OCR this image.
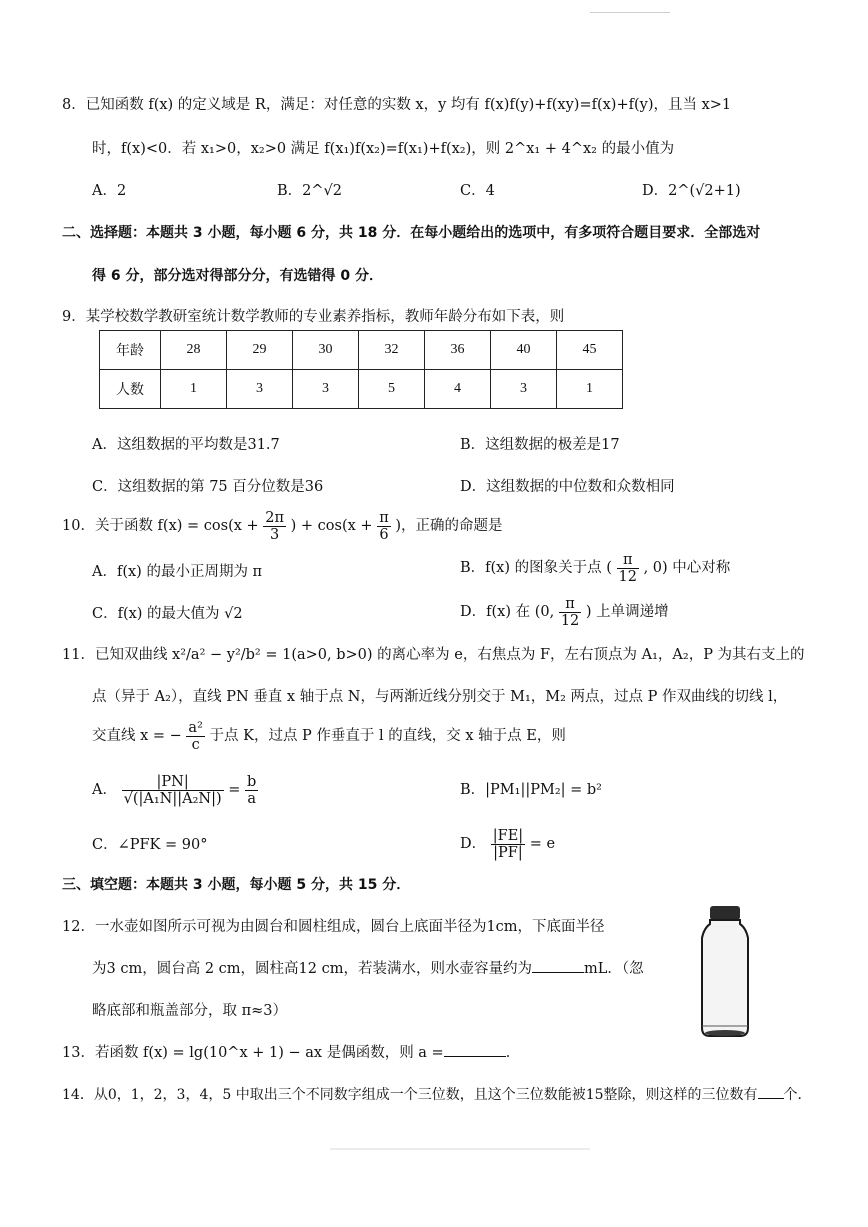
8．已知函数 f(x) 的定义域是 R，满足：对任意的实数 x，y 均有 f(x)f(y)+f(xy)=f(x)+f(y)，且当 x>1
时，f(x)<0．若 x₁>0，x₂>0 满足 f(x₁)f(x₂)=f(x₁)+f(x₂)，则 2^x₁ + 4^x₂ 的最小值为
A．2	B．2^√2	C．4	D．2^(√2+1)
二、选择题：本题共 3 小题，每小题 6 分，共 18 分．在每小题给出的选项中，有多项符合题目要求．全部选对
得 6 分，部分选对得部分分，有选错得 0 分．
9．某学校数学教研室统计数学教师的专业素养指标，教师年龄分布如下表，则
年龄	28	29	30	32	36	40	45
人数	1	3	3	5	4	3	1
A．这组数据的平均数是31.7	B．这组数据的极差是17
C．这组数据的第 75 百分位数是36	D．这组数据的中位数和众数相同
10．关于函数 $f(x) = \cos(x + \frac{2\pi}{3}$ ) + $\cos(x + \frac{\pi}{6}$ )，正确的命题是
A．f(x) 的最小正周期为 π	B．f(x) 的图象关于点 ( $\frac{\pi}{12}$ , 0) 中心对称
C．f(x) 的最大值为 √2	D．f(x) 在 (0, $\frac{\pi}{12}$ ) 上单调递增
11．已知双曲线 x²/a² − y²/b² = 1(a>0, b>0) 的离心率为 e，右焦点为 F，左右顶点为 A₁，A₂，P 为其右支上的
点（异于 A₂），直线 PN 垂直 x 轴于点 N，与两渐近线分别交于 M₁，M₂ 两点，过点 P 作双曲线的切线 l，
交直线 x = − $\frac{\text{a²}}{c}$ 于点 K，过点 P 作垂直于 l 的直线，交 x 轴于点 E，则
A． $\frac{|PN|}{\text{√(|A₁N||A₂N|)}} = \frac{b}{a}$	B．|PM₁||PM₂| = b²
C．∠PFK = 90°	D． $\frac{|FE|}{|PF|} = e$
三、填空题：本题共 3 小题，每小题 5 分，共 15 分．
12．一水壶如图所示可视为由圆台和圆柱组成，圆台上底面半径为1cm，下底面半径
为3 cm，圆台高 2 cm，圆柱高12 cm，若装满水，则水壶容量约为	mL．（忽
略底部和瓶盖部分，取 π≈3）
13．若函数 f(x) = lg(10^x + 1) − ax 是偶函数，则 a =	．
14．从0，1，2，3，4，5 中取出三个不同数字组成一个三位数，且这个三位数能被15整除，则这样的三位数有 个．
